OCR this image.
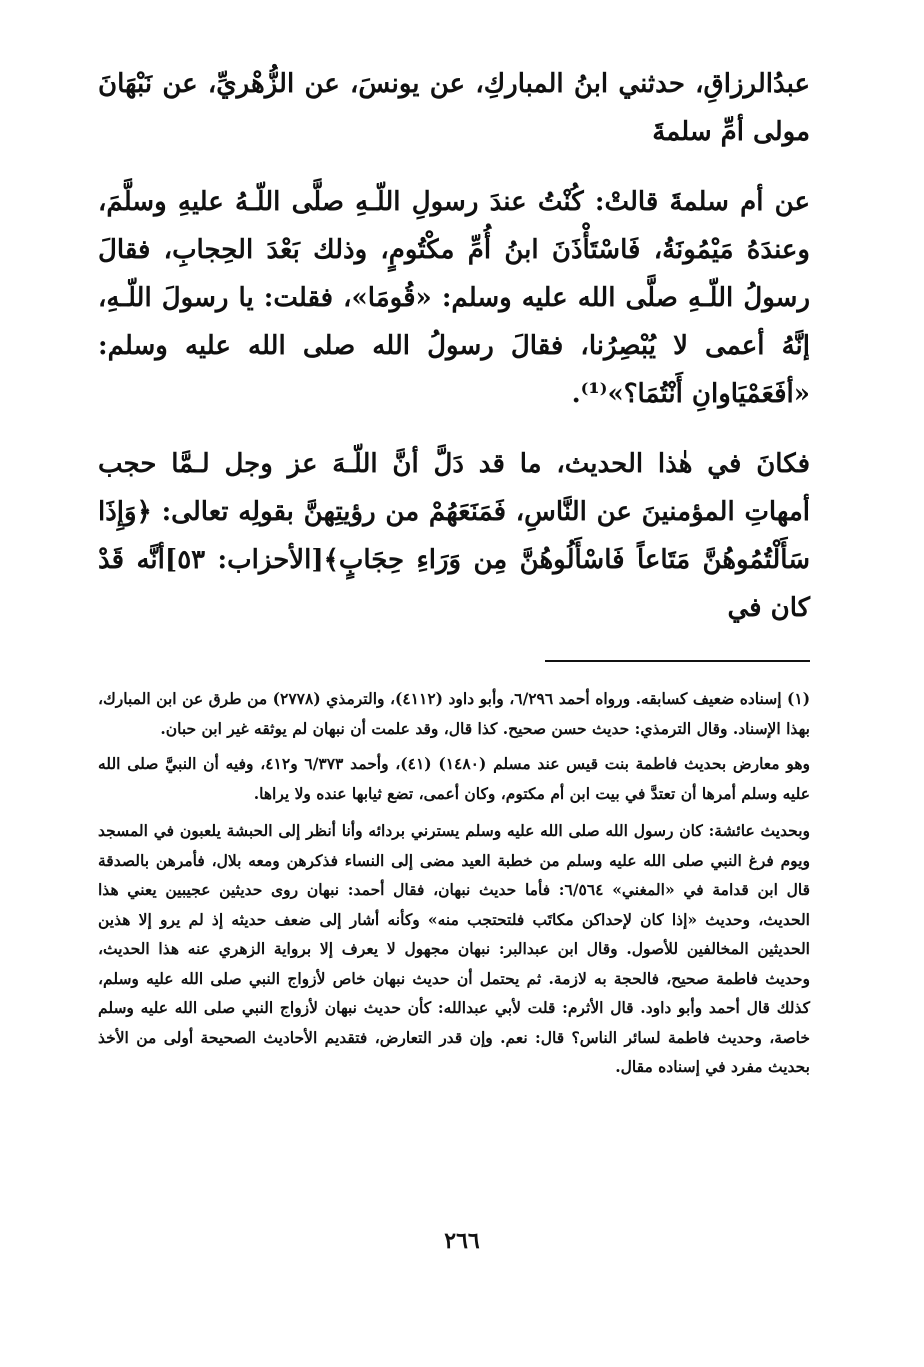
عبدُالرزاقِ، حدثني ابنُ المباركِ، عن يونسَ، عن الزُّهْريِّ، عن نَبْهَانَ مولى أمِّ سلمةَ

عن أم سلمةَ قالتْ: كُنْتُ عندَ رسولِ اللّـهِ صلَّى اللّـهُ عليهِ وسلَّمَ، وعندَهُ مَيْمُونَةُ، فَاسْتَأْذَنَ ابنُ أُمِّ مكْتُومٍ، وذلك بَعْدَ الحِجابِ، فقالَ رسولُ اللّـهِ صلَّى الله عليه وسلم: «قُومَا»، فقلت: يا رسولَ اللّـهِ، إنَّهُ أعمى لا يُبْصِرُنا، فقالَ رسولُ الله صلى الله عليه وسلم: «أفَعَمْيَاوانِ أَنْتُمَا؟»⁽¹⁾.

فكانَ في هٰذا الحديث، ما قد دَلَّ أنَّ اللّـهَ عز وجل لـمَّا حجب أمهاتِ المؤمنينَ عن النَّاسِ، فَمَنَعَهُمْ من رؤيتِهنَّ بقولِه تعالى: ﴿وَإِذَا سَأَلْتُمُوهُنَّ مَتَاعاً فَاسْأَلُوهُنَّ مِن وَرَاءِ حِجَابٍ﴾[الأحزاب: ٥٣]أنَّه قَدْ كان في

(١) إسناده ضعيف كسابقه. ورواه أحمد ٦/٢٩٦، وأبو داود (٤١١٢)، والترمذي (٢٧٧٨) من طرق عن ابن المبارك، بهذا الإسناد. وقال الترمذي: حديث حسن صحيح. كذا قال، وقد علمت أن نبهان لم يوثقه غير ابن حبان.

وهو معارض بحديث فاطمة بنت قيس عند مسلم (١٤٨٠) (٤١)، وأحمد ٦/٣٧٣ و٤١٢، وفيه أن النبيَّ صلى الله عليه وسلم أمرها أن تعتدَّ في بيت ابن أم مكتوم، وكان أعمى، تضع ثيابها عنده ولا يراها.

وبحديث عائشة: كان رسول الله صلى الله عليه وسلم يسترني بردائه وأنا أنظر إلى الحبشة يلعبون في المسجد ويوم فرغ النبي صلى الله عليه وسلم من خطبة العيد مضى إلى النساء فذكرهن ومعه بلال، فأمرهن بالصدقة قال ابن قدامة في «المغني» ٦/٥٦٤: فأما حديث نبهان، فقال أحمد: نبهان روى حديثين عجيبين يعني هذا الحديث، وحديث «إذا كان لإحداكن مكاتَب فلتحتجب منه» وكأنه أشار إلى ضعف حديثه إذ لم يرو إلا هذين الحديثين المخالفين للأصول. وقال ابن عبدالبر: نبهان مجهول لا يعرف إلا برواية الزهري عنه هذا الحديث، وحديث فاطمة صحيح، فالحجة به لازمة. ثم يحتمل أن حديث نبهان خاص لأزواج النبي صلى الله عليه وسلم، كذلك قال أحمد وأبو داود. قال الأثرم: قلت لأبي عبدالله: كأن حديث نبهان لأزواج النبي صلى الله عليه وسلم خاصة، وحديث فاطمة لسائر الناس؟ قال: نعم. وإن قدر التعارض، فتقديم الأحاديث الصحيحة أولى من الأخذ بحديث مفرد في إسناده مقال.

٢٦٦
